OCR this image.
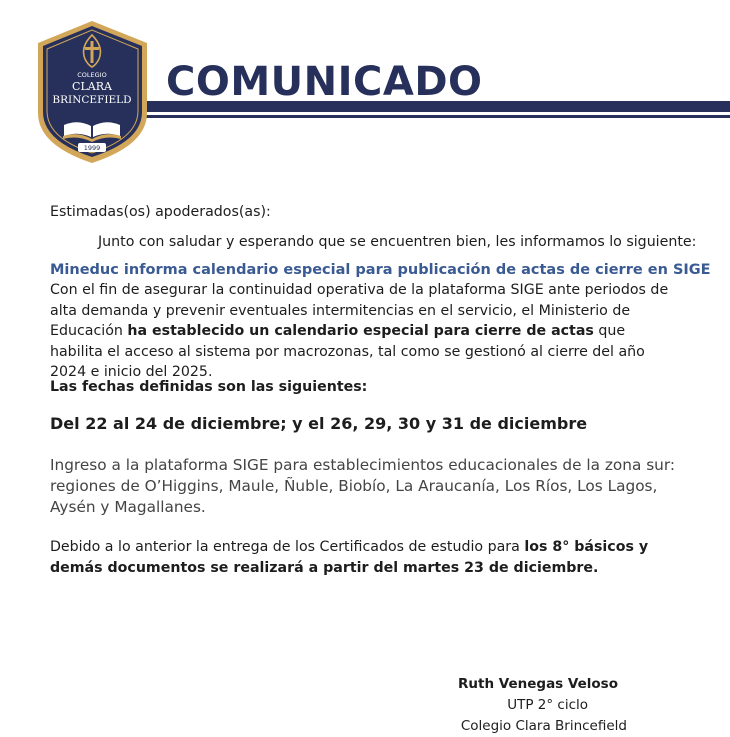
COLEGIO
CLARA
BRINCEFIELD
1999
COMUNICADO

Estimadas(os) apoderados(as):

Junto con saludar y esperando que se encuentren bien, les informamos lo siguiente:

Mineduc informa calendario especial para publicación de actas de cierre en SIGE

Con el fin de asegurar la continuidad operativa de la plataforma SIGE ante periodos de alta demanda y prevenir eventuales intermitencias en el servicio, el Ministerio de Educación ha establecido un calendario especial para cierre de actas que habilita el acceso al sistema por macrozonas, tal como se gestionó al cierre del año 2024 e inicio del 2025.

Las fechas definidas son las siguientes:

Del 22 al 24 de diciembre; y el 26, 29, 30 y 31 de diciembre

Ingreso a la plataforma SIGE para establecimientos educacionales de la zona sur: regiones de O’Higgins, Maule, Ñuble, Biobío, La Araucanía, Los Ríos, Los Lagos, Aysén y Magallanes.

Debido a lo anterior la entrega de los Certificados de estudio para los 8° básicos y demás documentos se realizará a partir del martes 23 de diciembre.

Ruth Venegas Veloso

UTP 2° ciclo

Colegio Clara Brincefield
